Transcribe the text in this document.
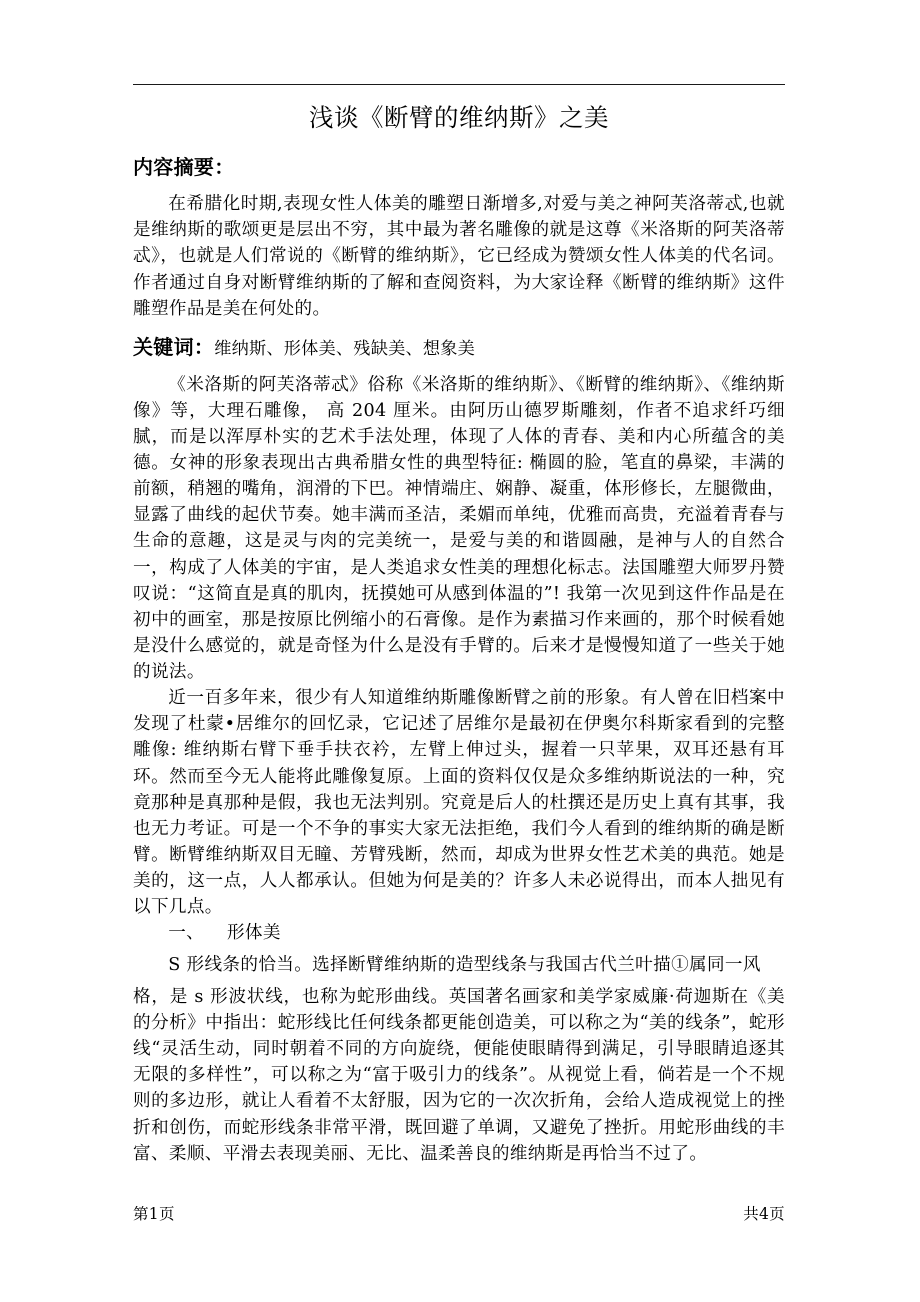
浅谈《断臂的维纳斯》之美
内容摘要：

在希腊化时期,表现女性人体美的雕塑日渐增多,对爱与美之神阿芙洛蒂忒,也就是维纳斯的歌颂更是层出不穷，其中最为著名雕像的就是这尊《米洛斯的阿芙洛蒂忒》，也就是人们常说的《断臂的维纳斯》，它已经成为赞颂女性人体美的代名词。作者通过自身对断臂维纳斯的了解和查阅资料，为大家诠释《断臂的维纳斯》这件雕塑作品是美在何处的。

关键词：维纳斯、形体美、残缺美、想象美

《米洛斯的阿芙洛蒂忒》俗称《米洛斯的维纳斯》、《断臂的维纳斯》、《维纳斯像》等，大理石雕像， 高 204 厘米。由阿历山德罗斯雕刻，作者不追求纤巧细腻，而是以浑厚朴实的艺术手法处理，体现了人体的青春、美和内心所蕴含的美德。女神的形象表现出古典希腊女性的典型特征: 椭圆的脸，笔直的鼻梁，丰满的前额，稍翘的嘴角，润滑的下巴。神情端庄、娴静、凝重，体形修长，左腿微曲，显露了曲线的起伏节奏。她丰满而圣洁，柔媚而单纯，优雅而高贵，充溢着青春与生命的意趣，这是灵与肉的完美统一，是爱与美的和谐圆融，是神与人的自然合一，构成了人体美的宇宙，是人类追求女性美的理想化标志。法国雕塑大师罗丹赞叹说：“这简直是真的肌肉，抚摸她可从感到体温的”! 我第一次见到这件作品是在初中的画室，那是按原比例缩小的石膏像。是作为素描习作来画的，那个时候看她是没什么感觉的，就是奇怪为什么是没有手臂的。后来才是慢慢知道了一些关于她的说法。

近一百多年来，很少有人知道维纳斯雕像断臂之前的形象。有人曾在旧档案中发现了杜蒙•居维尔的回忆录，它记述了居维尔是最初在伊奥尔科斯家看到的完整雕像: 维纳斯右臂下垂手扶衣衿，左臂上伸过头，握着一只苹果，双耳还悬有耳环。然而至今无人能将此雕像复原。上面的资料仅仅是众多维纳斯说法的一种，究竟那种是真那种是假，我也无法判别。究竟是后人的杜撰还是历史上真有其事，我也无力考证。可是一个不争的事实大家无法拒绝，我们今人看到的维纳斯的确是断臂。断臂维纳斯双目无瞳、芳臂残断，然而，却成为世界女性艺术美的典范。她是美的，这一点，人人都承认。但她为何是美的？许多人未必说得出，而本人拙见有以下几点。

一、 形体美

S 形线条的恰当。选择断臂维纳斯的造型线条与我国古代兰叶描①属同一风

格，是 s 形波状线，也称为蛇形曲线。英国著名画家和美学家威廉·荷迦斯在《美的分析》中指出：蛇形线比任何线条都更能创造美，可以称之为“美的线条”，蛇形线“灵活生动，同时朝着不同的方向旋绕，便能使眼睛得到满足，引导眼睛追逐其无限的多样性”，可以称之为“富于吸引力的线条”。从视觉上看，倘若是一个不规则的多边形，就让人看着不太舒服，因为它的一次次折角，会给人造成视觉上的挫折和创伤，而蛇形线条非常平滑，既回避了单调，又避免了挫折。用蛇形曲线的丰富、柔顺、平滑去表现美丽、无比、温柔善良的维纳斯是再恰当不过了。

第1页	共4页
